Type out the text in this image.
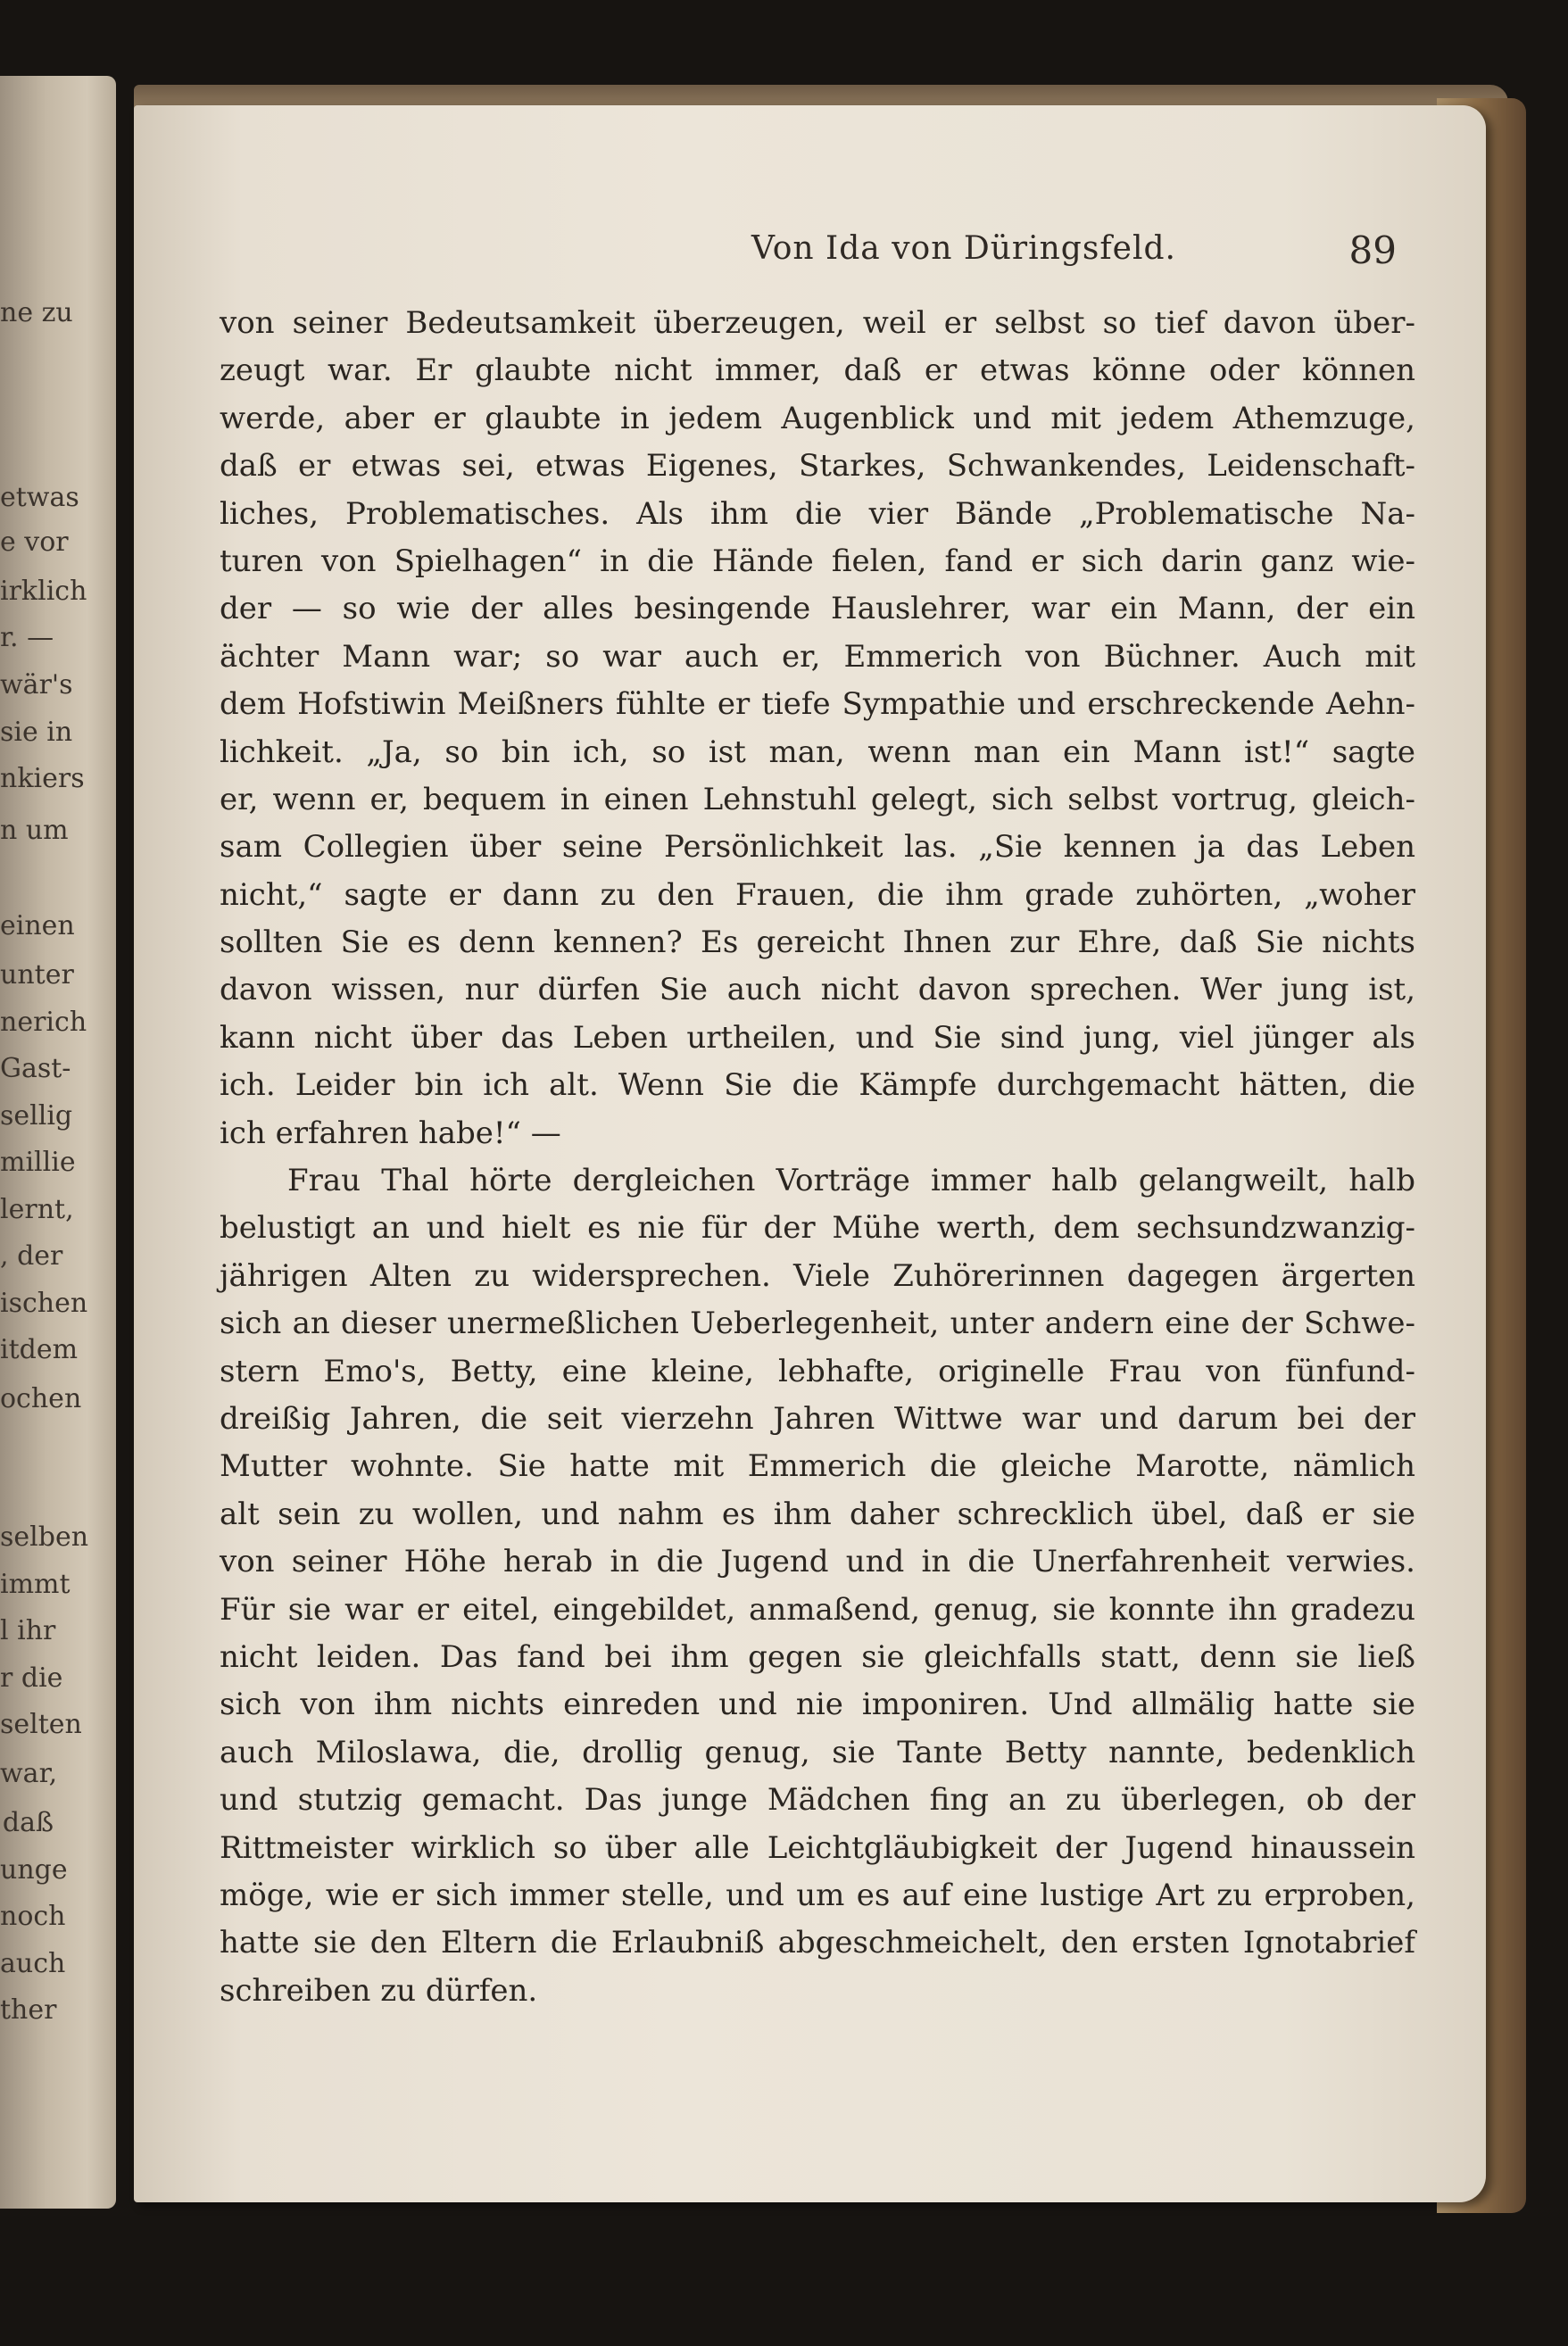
ne zu
etwas
e vor
irklich
r. —
wär's
sie in
nkiers
n um
einen
unter
nerich
Gast-
sellig
millie
lernt,
, der
ischen
itdem
ochen
selben
immt
l ihr
r die
selten
war,
daß
unge
noch
auch
ther
Von Ida von Düringsfeld.	89
von seiner Bedeutsamkeit überzeugen, weil er selbst so tief davon über-
zeugt war. Er glaubte nicht immer, daß er etwas könne oder können
werde, aber er glaubte in jedem Augenblick und mit jedem Athemzuge,
daß er etwas sei, etwas Eigenes, Starkes, Schwankendes, Leidenschaft-
liches, Problematisches. Als ihm die vier Bände „Problematische Na-
turen von Spielhagen“ in die Hände fielen, fand er sich darin ganz wie-
der — so wie der alles besingende Hauslehrer, war ein Mann, der ein
ächter Mann war; so war auch er, Emmerich von Büchner. Auch mit
dem Hofstiwin Meißners fühlte er tiefe Sympathie und erschreckende Aehn-
lichkeit. „Ja, so bin ich, so ist man, wenn man ein Mann ist!“ sagte
er, wenn er, bequem in einen Lehnstuhl gelegt, sich selbst vortrug, gleich-
sam Collegien über seine Persönlichkeit las. „Sie kennen ja das Leben
nicht,“ sagte er dann zu den Frauen, die ihm grade zuhörten, „woher
sollten Sie es denn kennen? Es gereicht Ihnen zur Ehre, daß Sie nichts
davon wissen, nur dürfen Sie auch nicht davon sprechen. Wer jung ist,
kann nicht über das Leben urtheilen, und Sie sind jung, viel jünger als
ich. Leider bin ich alt. Wenn Sie die Kämpfe durchgemacht hätten, die
ich erfahren habe!“ —
Frau Thal hörte dergleichen Vorträge immer halb gelangweilt, halb
belustigt an und hielt es nie für der Mühe werth, dem sechsundzwanzig-
jährigen Alten zu widersprechen. Viele Zuhörerinnen dagegen ärgerten
sich an dieser unermeßlichen Ueberlegenheit, unter andern eine der Schwe-
stern Emo's, Betty, eine kleine, lebhafte, originelle Frau von fünfund-
dreißig Jahren, die seit vierzehn Jahren Wittwe war und darum bei der
Mutter wohnte. Sie hatte mit Emmerich die gleiche Marotte, nämlich
alt sein zu wollen, und nahm es ihm daher schrecklich übel, daß er sie
von seiner Höhe herab in die Jugend und in die Unerfahrenheit verwies.
Für sie war er eitel, eingebildet, anmaßend, genug, sie konnte ihn gradezu
nicht leiden. Das fand bei ihm gegen sie gleichfalls statt, denn sie ließ
sich von ihm nichts einreden und nie imponiren. Und allmälig hatte sie
auch Miloslawa, die, drollig genug, sie Tante Betty nannte, bedenklich
und stutzig gemacht. Das junge Mädchen fing an zu überlegen, ob der
Rittmeister wirklich so über alle Leichtgläubigkeit der Jugend hinaussein
möge, wie er sich immer stelle, und um es auf eine lustige Art zu erproben,
hatte sie den Eltern die Erlaubniß abgeschmeichelt, den ersten Ignotabrief
schreiben zu dürfen.
